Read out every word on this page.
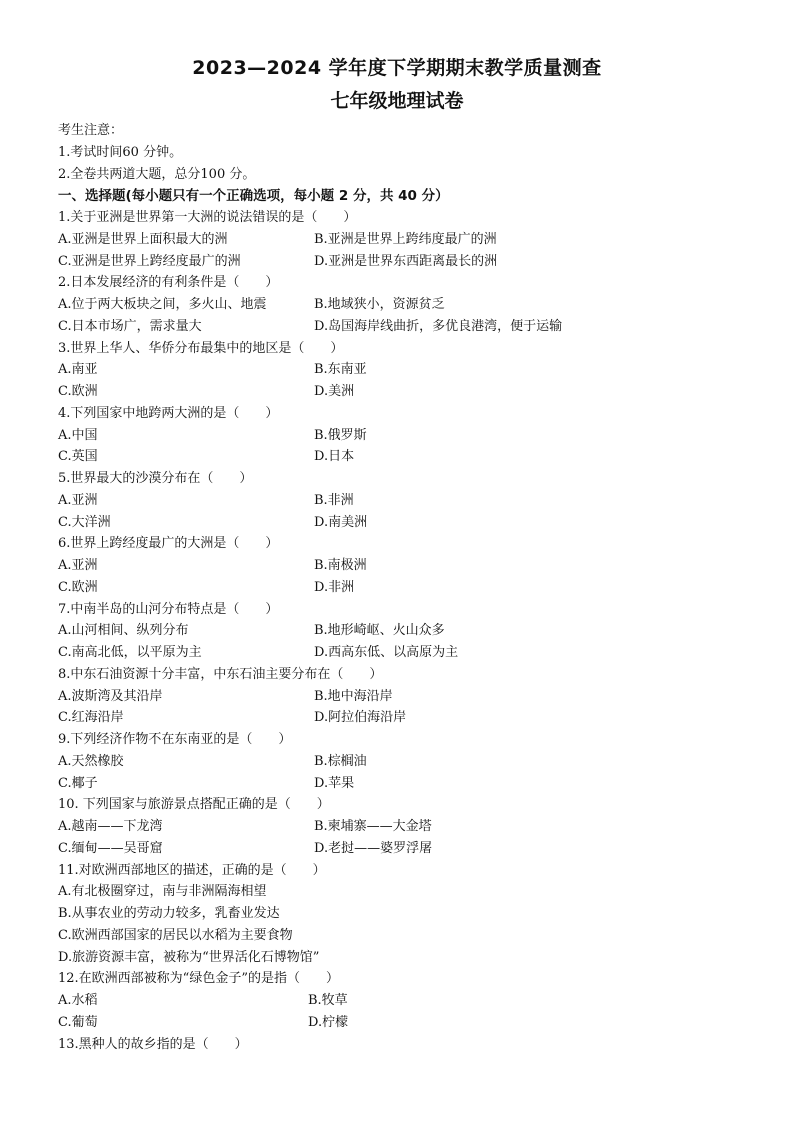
2023—2024 学年度下学期期末教学质量测查
七年级地理试卷
考生注意：
1.考试时间60 分钟。
2.全卷共两道大题，总分100 分。
一、选择题(每小题只有一个正确选项，每小题 2 分，共 40 分）
1.关于亚洲是世界第一大洲的说法错误的是（　　）
A.亚洲是世界上面积最大的洲	B.亚洲是世界上跨纬度最广的洲
C.亚洲是世界上跨经度最广的洲	D.亚洲是世界东西距离最长的洲
2.日本发展经济的有利条件是（　　）
A.位于两大板块之间，多火山、地震	B.地域狭小，资源贫乏
C.日本市场广，需求量大	D.岛国海岸线曲折，多优良港湾，便于运输
3.世界上华人、华侨分布最集中的地区是（　　）
A.南亚	B.东南亚
C.欧洲	D.美洲
4.下列国家中地跨两大洲的是（　　）
A.中国	B.俄罗斯
C.英国	D.日本
5.世界最大的沙漠分布在（　　）
A.亚洲	B.非洲
C.大洋洲	D.南美洲
6.世界上跨经度最广的大洲是（　　）
A.亚洲	B.南极洲
C.欧洲	D.非洲
7.中南半岛的山河分布特点是（　　）
A.山河相间、纵列分布	B.地形崎岖、火山众多
C.南高北低，以平原为主	D.西高东低、以高原为主
8.中东石油资源十分丰富，中东石油主要分布在（　　）
A.波斯湾及其沿岸	B.地中海沿岸
C.红海沿岸	D.阿拉伯海沿岸
9.下列经济作物不在东南亚的是（　　）
A.天然橡胶	B.棕榈油
C.椰子	D.苹果
10. 下列国家与旅游景点搭配正确的是（　　）
A.越南——下龙湾	B.柬埔寨——大金塔
C.缅甸——吴哥窟	D.老挝——婆罗浮屠
11.对欧洲西部地区的描述，正确的是（　　）
A.有北极圈穿过，南与非洲隔海相望
B.从事农业的劳动力较多，乳畜业发达
C.欧洲西部国家的居民以水稻为主要食物
D.旅游资源丰富，被称为“世界活化石博物馆”
12.在欧洲西部被称为“绿色金子”的是指（　　）
A.水稻	B.牧草
C.葡萄	D.柠檬
13.黑种人的故乡指的是（　　）
